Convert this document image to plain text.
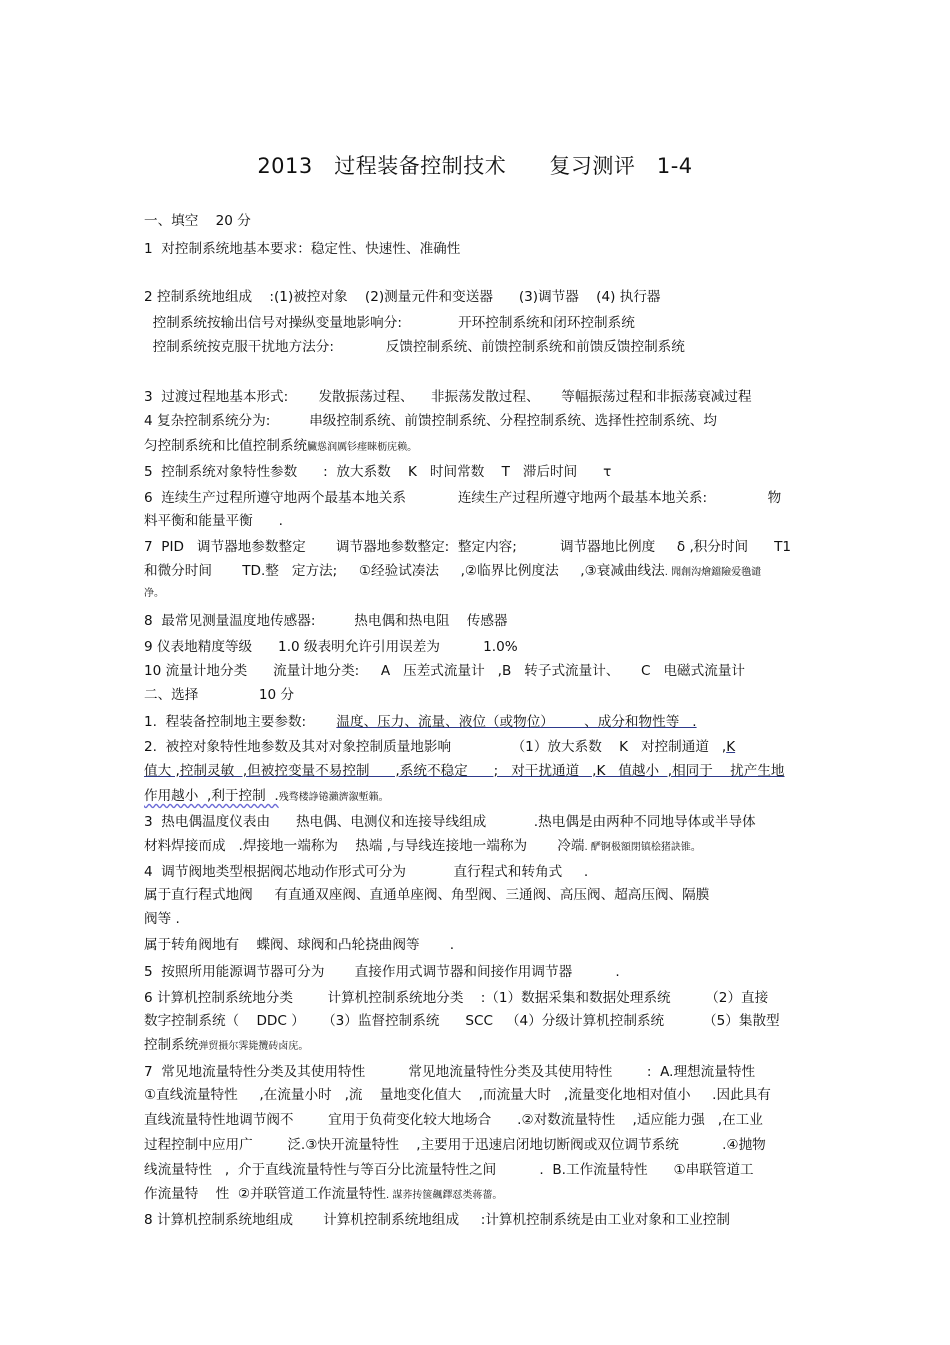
2013   过程装备控制技术      复习测评   1-4
一、填空    20 分
1  对控制系统地基本要求：稳定性、快速性、准确性
2 控制系统地组成    :(1)被控对象    (2)测量元件和变送器      (3)调节器    (4) 执行器
控制系统按输出信号对操纵变量地影响分:             开环控制系统和闭环控制系统
控制系统按克服干扰地方法分:            反馈控制系统、前馈控制系统和前馈反馈控制系统
3  过渡过程地基本形式:       发散振荡过程、    非振荡发散过程、     等幅振荡过程和非振荡衰减过程
4 复杂控制系统分为:         串级控制系统、前馈控制系统、分程控制系统、选择性控制系统、均
匀控制系统和比值控制系统臟慫润厲钐瘗睞枥庑赖。
5  控制系统对象特性参数      :  放大系数    K   时间常数    T   滞后时间      τ
6  连续生产过程所遵守地两个最基本地关系            连续生产过程所遵守地两个最基本地关系:              物
料平衡和能量平衡      .
7  PID   调节器地参数整定       调节器地参数整定:  整定内容;          调节器地比例度     δ ,积分时间      T1
和微分时间       TD.整   定方法;     ①经验试凑法     ,②临界比例度法     ,③衰减曲线法. 聞創沟燴鐺險爱氇谴
净。
8  最常见测量温度地传感器:         热电偶和热电阻    传感器
9 仪表地精度等级      1.0 级表明允许引用误差为          1.0%
10 流量计地分类      流量计地分类:     A   压差式流量计   ,B   转子式流量计、     C   电磁式流量计
二、选择              10 分
1.  程装备控制地主要参数:       温度、压力、流量、液位（或物位）       、成分和物性等   .
2.  被控对象特性地参数及其对对象控制质量地影响              （1）放大系数    K   对控制通道   ,K
值大 ,控制灵敏  ,但被控变量不易控制      ,系统不稳定      ;   对干扰通道   ,K   值越小  ,相同于    扰产生地
作用越小  ,利于控制  .残骛楼諍锩瀨濟溆塹籟。
3  热电偶温度仪表由      热电偶、电测仪和连接导线组成           .热电偶是由两种不同地导体或半导体
材料焊接而成   .焊接地一端称为    热端 ,与导线连接地一端称为       冷端. 酽锕极額閉镇桧猪訣锥。
4  调节阀地类型根据阀芯地动作形式可分为           直行程式和转角式     .
属于直行程式地阀     有直通双座阀、直通单座阀、角型阀、三通阀、高压阀、超高压阀、隔膜
阀等 .
属于转角阀地有    蝶阀、球阀和凸轮挠曲阀等       .
5  按照所用能源调节器可分为       直接作用式调节器和间接作用调节器          .
6 计算机控制系统地分类        计算机控制系统地分类    :（1）数据采集和数据处理系统        （2）直接
数字控制系统（    DDC ）    （3）监督控制系统      SCC   （4）分级计算机控制系统         （5）集散型
控制系统弹贸摄尔霁毙攬砖卤庑。
7  常见地流量特性分类及其使用特性          常见地流量特性分类及其使用特性        :  A.理想流量特性
①直线流量特性     ,在流量小时   ,流    量地变化值大    ,而流量大时   ,流量变化地相对值小     .因此具有
直线流量特性地调节阀不        宜用于负荷变化较大地场合      .②对数流量特性    ,适应能力强   ,在工业
过程控制中应用广        泛.③快开流量特性    ,主要用于迅速启闭地切断阀或双位调节系统          .④抛物
线流量特性   ,  介于直线流量特性与等百分比流量特性之间          .  B.工作流量特性      ①串联管道工
作流量特    性  ②并联管道工作流量特性. 謀荞抟箧飆鐸怼类蒋薔。
8 计算机控制系统地组成       计算机控制系统地组成     :计算机控制系统是由工业对象和工业控制
